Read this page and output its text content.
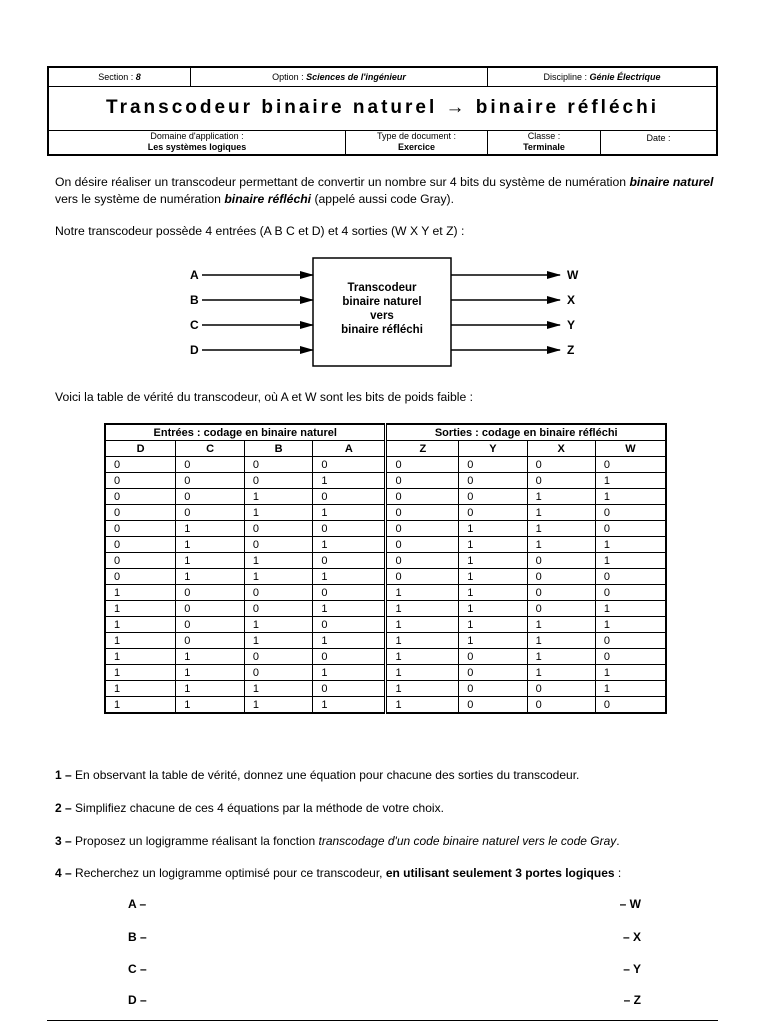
Section :
8	Option :
Sciences de l'ingénieur	Discipline :
Génie Électrique
Transcodeur binaire naturel → binaire réfléchi
Domaine d'application :
Les systèmes logiques
Type de document :
Exercice
Classe :
Terminale
Date :
On désire réaliser un transcodeur permettant de convertir un nombre sur 4 bits du système de numération binaire naturel vers le système de numération binaire réfléchi (appelé aussi code Gray).
Notre transcodeur possède 4 entrées (A B C et D) et 4 sorties (W X Y et Z) :
Transcodeur
binaire naturel
vers
binaire réfléchi
A
B
C
D
W
X
Y
Z
Voici la table de vérité du transcodeur, où A et W sont les bits de poids faible :
Entrées : codage en binaire naturel				Sorties : codage en binaire réfléchi			
D	C	B	A	Z	Y	X	W
0	0	0	0	0	0	0	0
0	0	0	1	0	0	0	1
0	0	1	0	0	0	1	1
0	0	1	1	0	0	1	0
0	1	0	0	0	1	1	0
0	1	0	1	0	1	1	1
0	1	1	0	0	1	0	1
0	1	1	1	0	1	0	0
1	0	0	0	1	1	0	0
1	0	0	1	1	1	0	1
1	0	1	0	1	1	1	1
1	0	1	1	1	1	1	0
1	1	0	0	1	0	1	0
1	1	0	1	1	0	1	1
1	1	1	0	1	0	0	1
1	1	1	1	1	0	0	0
1 – En observant la table de vérité, donnez une équation pour chacune des sorties du transcodeur.
2 – Simplifiez chacune de ces 4 équations par la méthode de votre choix.
3 – Proposez un logigramme réalisant la fonction transcodage d'un code binaire naturel vers le code Gray.
4 – Recherchez un logigramme optimisé pour ce transcodeur, en utilisant seulement 3 portes logiques :
A –
B –
C –
D –
– W
– X
– Y
– Z
